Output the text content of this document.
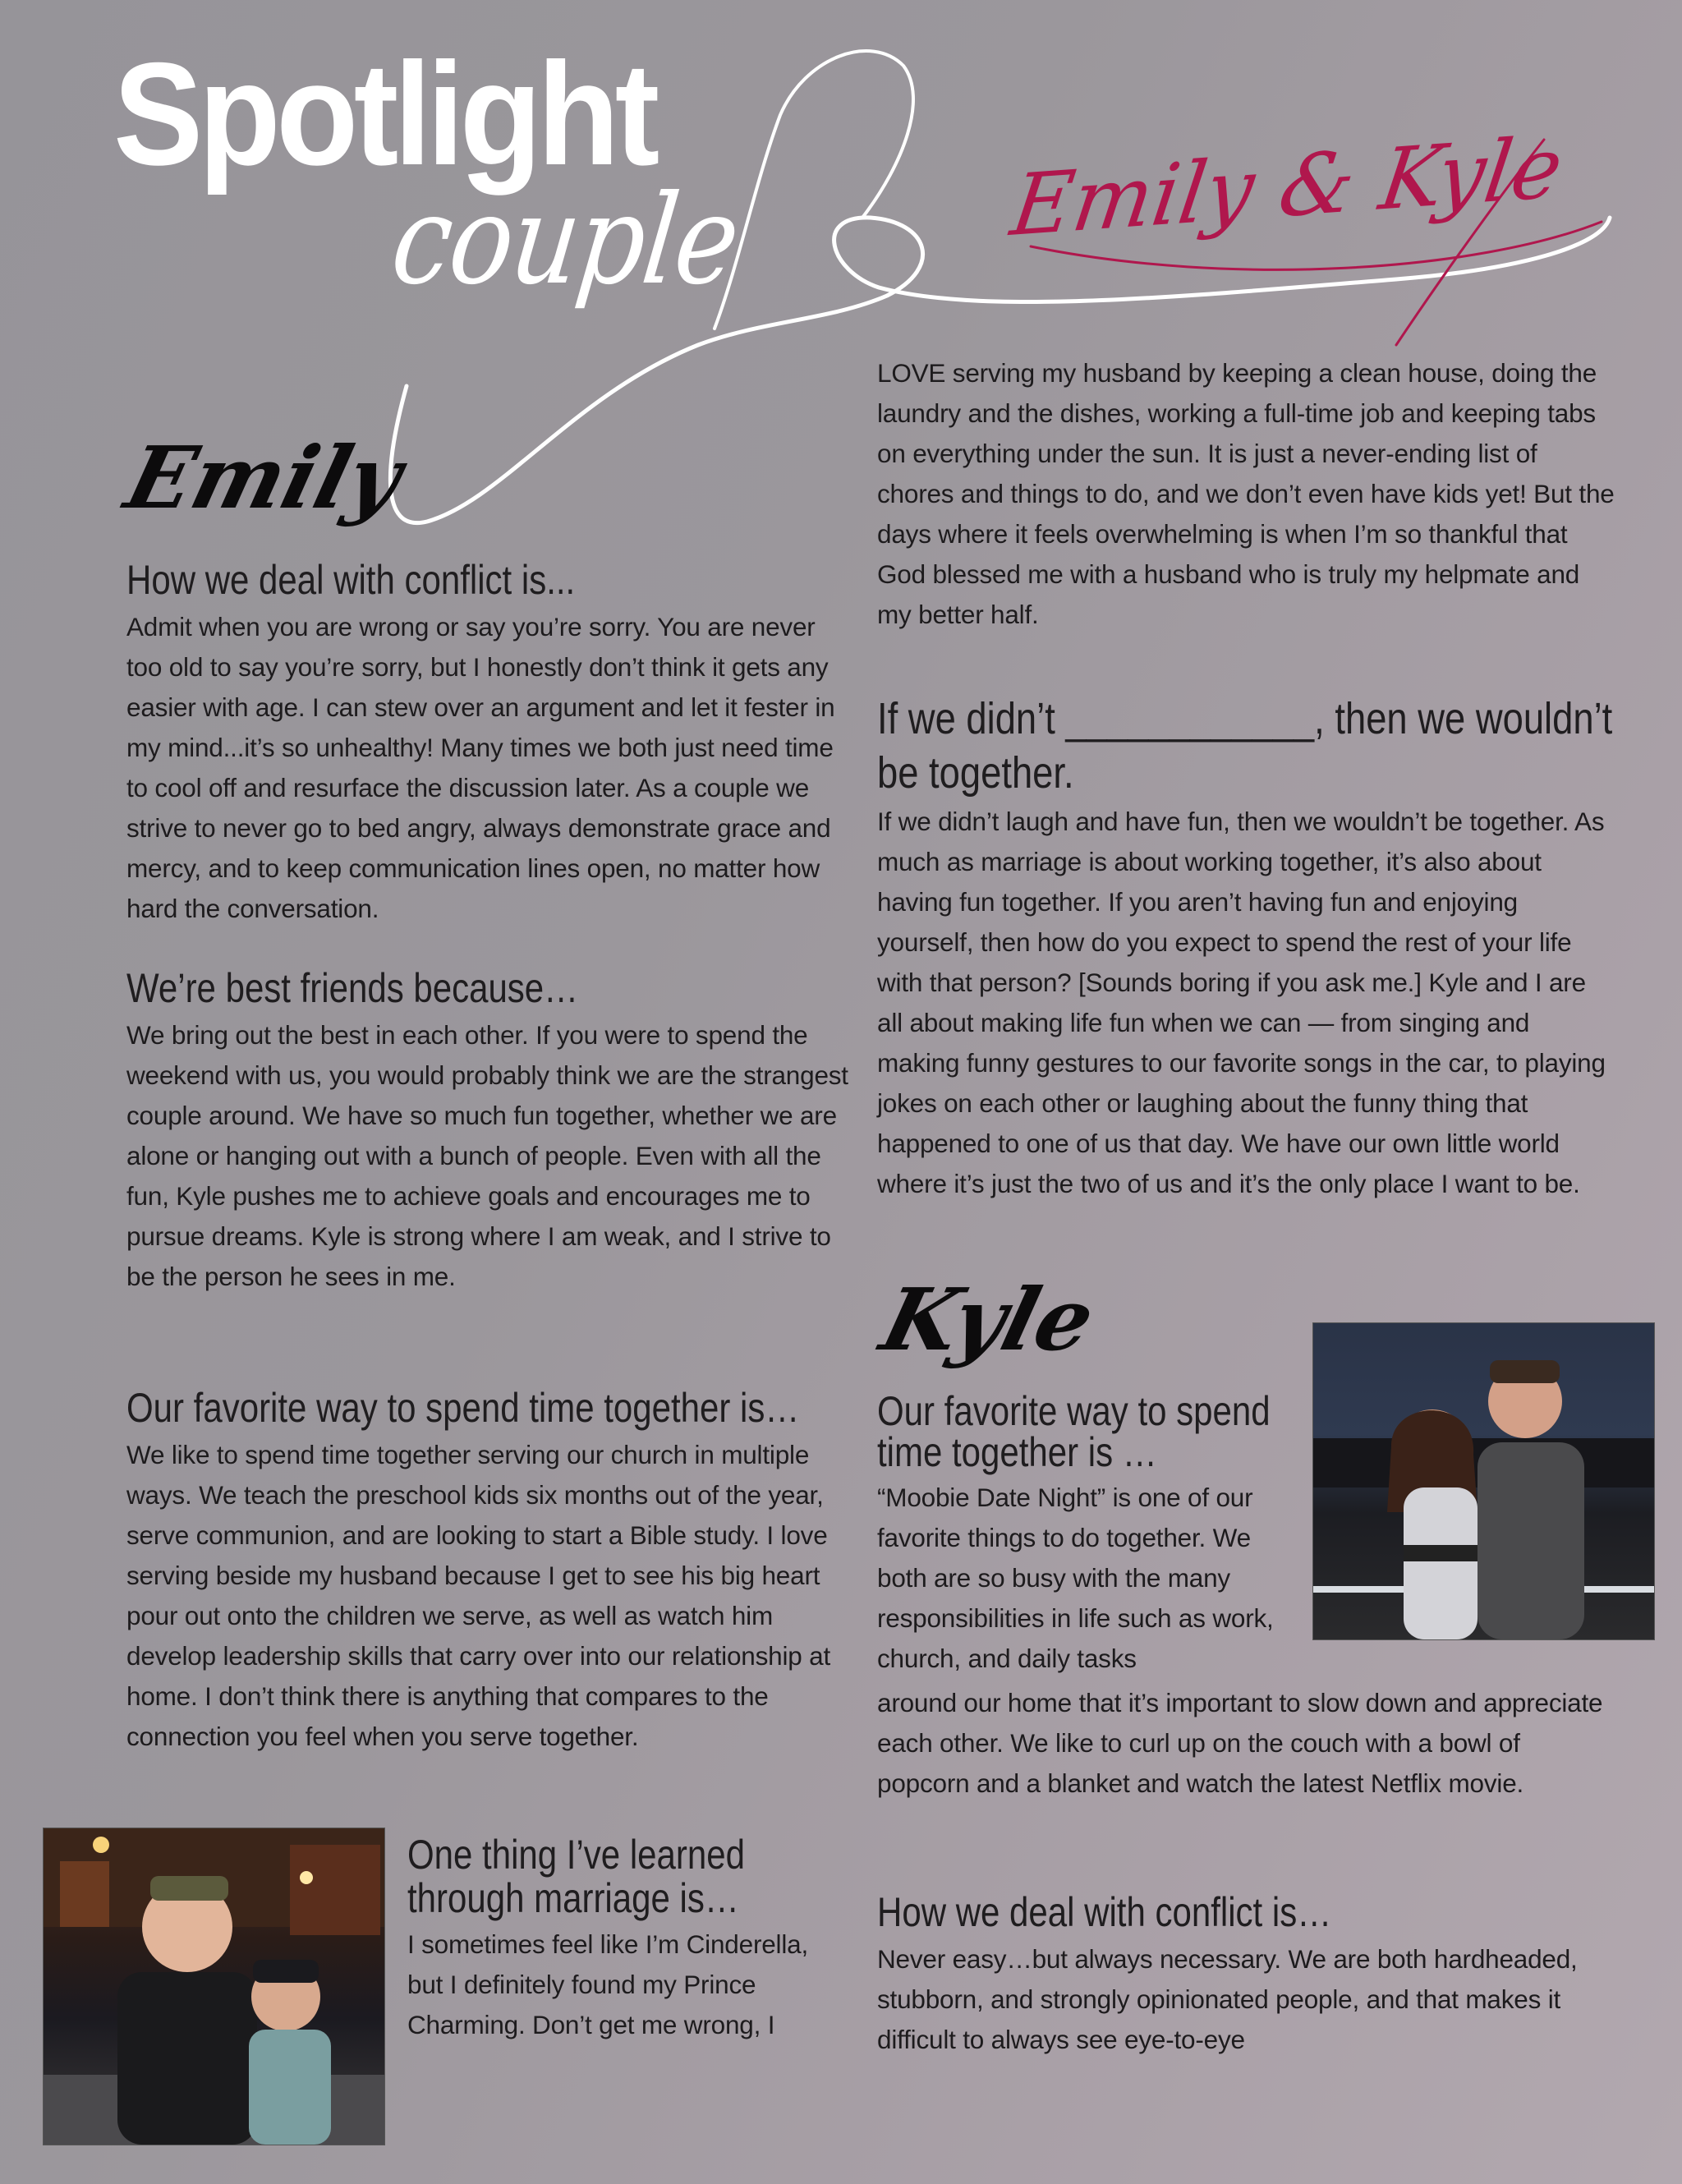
Spotlight
couple	Emily & Kyle
Emily
How we deal with conflict is...

Admit when you are wrong or say you’re sorry. You are never too old to say you’re sorry, but I honestly don’t think it gets any easier with age. I can stew over an argument and let it fester in my mind...it’s so unhealthy! Many times we both just need time to cool off and resurface the discussion later. As a couple we strive to never go to bed angry, always demonstrate grace and mercy, and to keep communication lines open, no matter how hard the conversation.

We’re best friends because…

We bring out the best in each other. If you were to spend the weekend with us, you would probably think we are the strangest couple around. We have so much fun together, whether we are alone or hanging out with a bunch of people. Even with all the fun, Kyle pushes me to achieve goals and encourages me to pursue dreams. Kyle is strong where I am weak, and I strive to be the person he sees in me.

Our favorite way to spend time together is…

We like to spend time together serving our church in multiple ways. We teach the preschool kids six months out of the year, serve communion, and are looking to start a Bible study. I love serving beside my husband because I get to see his big heart pour out onto the children we serve, as well as watch him develop leadership skills that carry over into our relationship at home. I don’t think there is anything that compares to the connection you feel when you serve together.

One thing I’ve learned through marriage is…

I sometimes feel like I’m Cinderella, but I definitely found my Prince Charming. Don’t get me wrong, I

LOVE serving my husband by keeping a clean house, doing the laundry and the dishes, working a full-time job and keeping tabs on everything under the sun. It is just a never-ending list of chores and things to do, and we don’t even have kids yet! But the days where it feels overwhelming is when I’m so thankful that God blessed me with a husband who is truly my helpmate and my better half.

If we didn’t ____________, then we wouldn’t be together.

If we didn’t laugh and have fun, then we wouldn’t be together. As much as marriage is about working together, it’s also about having fun together. If you aren’t having fun and enjoying yourself, then how do you expect to spend the rest of your life with that person? [Sounds boring if you ask me.] Kyle and I are all about making life fun when we can — from singing and making funny gestures to our favorite songs in the car, to playing jokes on each other or laughing about the funny thing that happened to one of us that day. We have our own little world where it’s just the two of us and it’s the only place I want to be.

Kyle
Our favorite way to spend time together is …

“Moobie Date Night” is one of our favorite things to do together. We both are so busy with the many responsibilities in life such as work, church, and daily tasks

around our home that it’s important to slow down and appreciate each other. We like to curl up on the couch with a bowl of popcorn and a blanket and watch the latest Netflix movie.

How we deal with conflict is…

Never easy…but always necessary. We are both hardheaded, stubborn, and strongly opinionated people, and that makes it difficult to always see eye-to-eye
